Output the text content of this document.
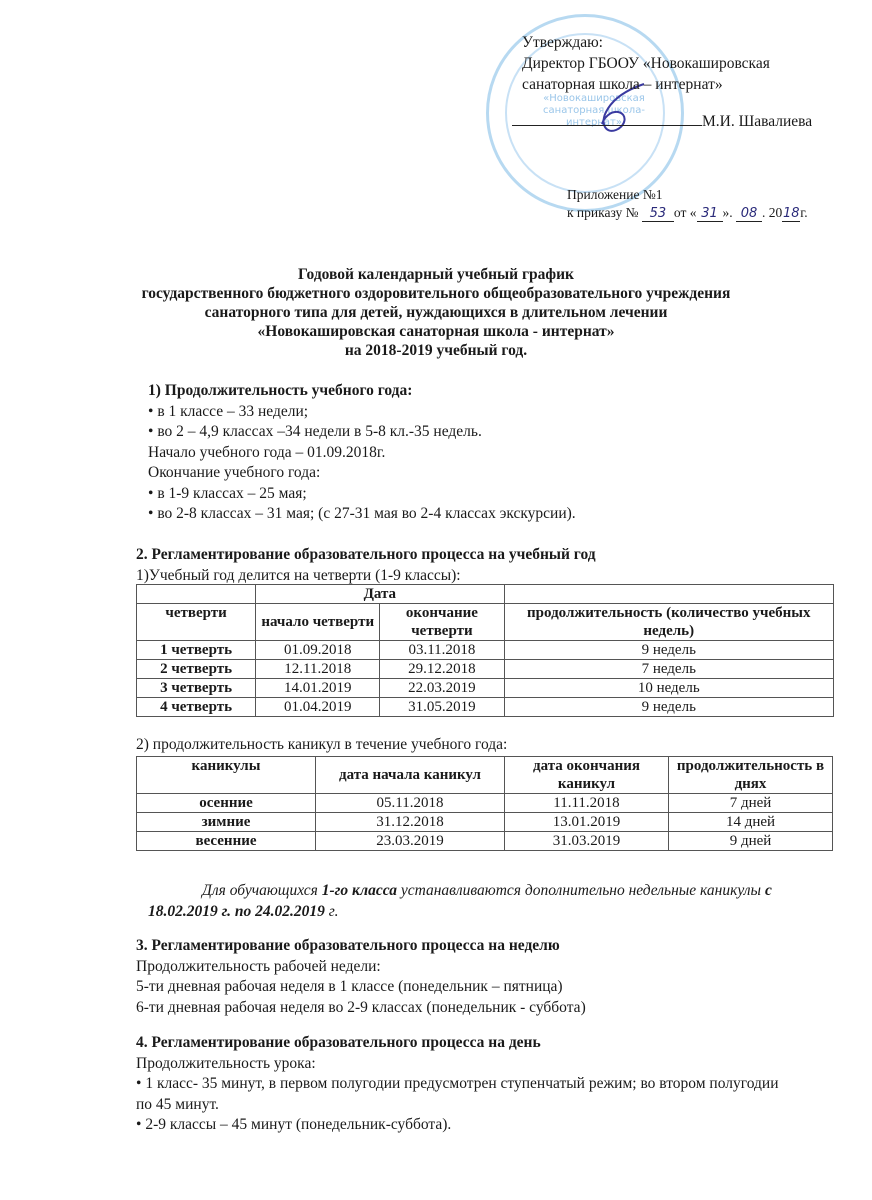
«Новокашировская санаторная школа- интернат»
Утверждаю:
Директор ГБООУ «Новокашировская
санаторная школа – интернат»
М.И. Шавалиева
Приложение №1
к приказу № 53 от « 31 ». 08 . 2018г.
Годовой календарный учебный график
государственного бюджетного оздоровительного общеобразовательного учреждения
санаторного типа для детей, нуждающихся в длительном лечении
«Новокашировская санаторная школа - интернат»
на 2018-2019 учебный год.
1) Продолжительность учебного года:
• в 1 классе – 33 недели;
• во 2 – 4,9 классах –34 недели в 5-8 кл.-35 недель.
Начало учебного года – 01.09.2018г.
Окончание учебного года:
• в 1-9 классах – 25 мая;
• во 2-8 классах – 31 мая; (с 27-31 мая во 2-4 классах экскурсии).
2. Регламентирование образовательного процесса на учебный год
1)Учебный год делится на четверти (1-9 классы):
	Дата		
четверти	начало четверти	окончание четверти	продолжительность (количество учебных недель)
1 четверть	01.09.2018	03.11.2018	9 недель
2 четверть	12.11.2018	29.12.2018	7 недель
3 четверть	14.01.2019	22.03.2019	10 недель
4 четверть	01.04.2019	31.05.2019	9 недель
2) продолжительность каникул в течение учебного года:
каникулы	дата начала каникул	дата окончания каникул	продолжительность в днях
осенние	05.11.2018	11.11.2018	7 дней
зимние	31.12.2018	13.01.2019	14 дней
весенние	23.03.2019	31.03.2019	9 дней
Для обучающихся 1-го класса устанавливаются дополнительно недельные каникулы с 18.02.2019 г. по 24.02.2019 г.
3. Регламентирование образовательного процесса на неделю
Продолжительность рабочей недели:
5-ти дневная рабочая неделя в 1 классе (понедельник – пятница)
6-ти дневная рабочая неделя во 2-9 классах (понедельник - суббота)
4. Регламентирование образовательного процесса на день
Продолжительность урока:
• 1 класс- 35 минут, в первом полугодии предусмотрен ступенчатый режим; во втором полугодии по 45 минут.
• 2-9 классы – 45 минут (понедельник-суббота).
